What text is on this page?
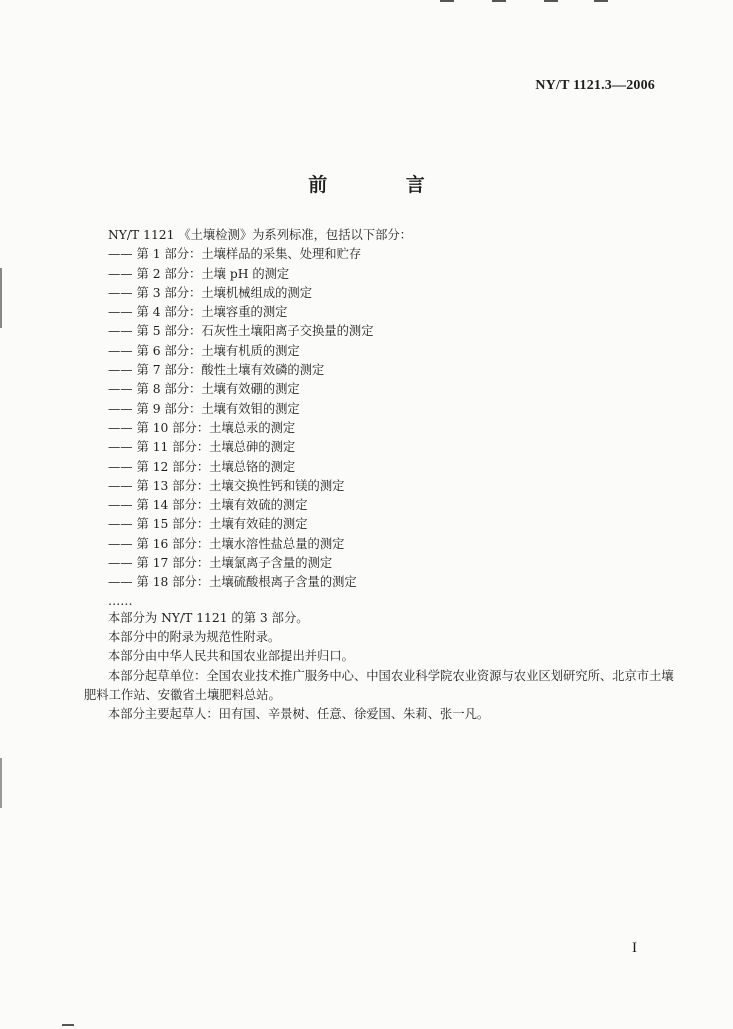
NY/T 1121.3—2006
前 言

NY/T 1121 《土壤检测》为系列标准，包括以下部分：

—— 第 1 部分：土壤样品的采集、处理和贮存

—— 第 2 部分：土壤 pH 的测定

—— 第 3 部分：土壤机械组成的测定

—— 第 4 部分：土壤容重的测定

—— 第 5 部分：石灰性土壤阳离子交换量的测定

—— 第 6 部分：土壤有机质的测定

—— 第 7 部分：酸性土壤有效磷的测定

—— 第 8 部分：土壤有效硼的测定

—— 第 9 部分：土壤有效钼的测定

—— 第 10 部分：土壤总汞的测定

—— 第 11 部分：土壤总砷的测定

—— 第 12 部分：土壤总铬的测定

—— 第 13 部分：土壤交换性钙和镁的测定

—— 第 14 部分：土壤有效硫的测定

—— 第 15 部分：土壤有效硅的测定

—— 第 16 部分：土壤水溶性盐总量的测定

—— 第 17 部分：土壤氯离子含量的测定

—— 第 18 部分：土壤硫酸根离子含量的测定

……

本部分为 NY/T 1121 的第 3 部分。

本部分中的附录为规范性附录。

本部分由中华人民共和国农业部提出并归口。

本部分起草单位：全国农业技术推广服务中心、中国农业科学院农业资源与农业区划研究所、北京市土壤肥料工作站、安徽省土壤肥料总站。

本部分主要起草人：田有国、辛景树、任意、徐爱国、朱莉、张一凡。

I
